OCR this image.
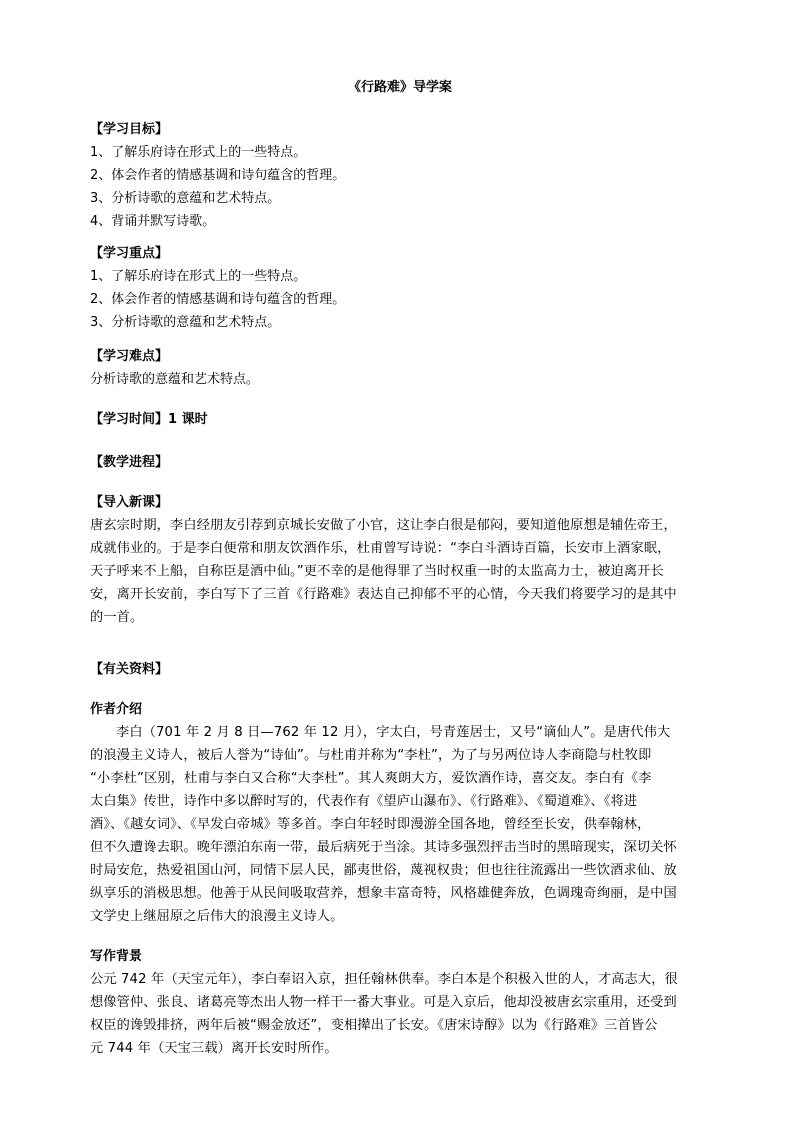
《行路难》导学案
【学习目标】
1、了解乐府诗在形式上的一些特点。
2、体会作者的情感基调和诗句蕴含的哲理。
3、分析诗歌的意蕴和艺术特点。
4、背诵并默写诗歌。
【学习重点】
1、了解乐府诗在形式上的一些特点。
2、体会作者的情感基调和诗句蕴含的哲理。
3、分析诗歌的意蕴和艺术特点。
【学习难点】
分析诗歌的意蕴和艺术特点。
【学习时间】1 课时
【教学进程】
【导入新课】
唐玄宗时期，李白经朋友引荐到京城长安做了小官，这让李白很是郁闷，要知道他原想是辅佐帝王，
成就伟业的。于是李白便常和朋友饮酒作乐，杜甫曾写诗说：“李白斗酒诗百篇，长安市上酒家眠，
天子呼来不上船，自称臣是酒中仙。”更不幸的是他得罪了当时权重一时的太监高力士，被迫离开长
安，离开长安前，李白写下了三首《行路难》表达自己抑郁不平的心情，今天我们将要学习的是其中
的一首。
【有关资料】
作者介绍
李白（701 年 2 月 8 日—762 年 12 月），字太白，号青莲居士，又号“谪仙人”。是唐代伟大
的浪漫主义诗人，被后人誉为“诗仙”。与杜甫并称为“李杜”，为了与另两位诗人李商隐与杜牧即
“小李杜”区别，杜甫与李白又合称“大李杜”。其人爽朗大方，爱饮酒作诗，喜交友。李白有《李
太白集》传世，诗作中多以醉时写的，代表作有《望庐山瀑布》、《行路难》、《蜀道难》、《将进
酒》、《越女词》、《早发白帝城》等多首。李白年轻时即漫游全国各地，曾经至长安，供奉翰林，
但不久遭谗去职。晚年漂泊东南一带，最后病死于当涂。其诗多强烈抨击当时的黑暗现实，深切关怀
时局安危，热爱祖国山河，同情下层人民，鄙夷世俗，蔑视权贵；但也往往流露出一些饮酒求仙、放
纵享乐的消极思想。他善于从民间吸取营养，想象丰富奇特，风格雄健奔放，色调瑰奇绚丽，是中国
文学史上继屈原之后伟大的浪漫主义诗人。
写作背景
公元 742 年（天宝元年），李白奉诏入京，担任翰林供奉。李白本是个积极入世的人，才高志大，很
想像管仲、张良、诸葛亮等杰出人物一样干一番大事业。可是入京后，他却没被唐玄宗重用，还受到
权臣的谗毁排挤，两年后被“赐金放还”，变相撵出了长安。《唐宋诗醇》以为《行路难》三首皆公
元 744 年（天宝三载）离开长安时所作。
